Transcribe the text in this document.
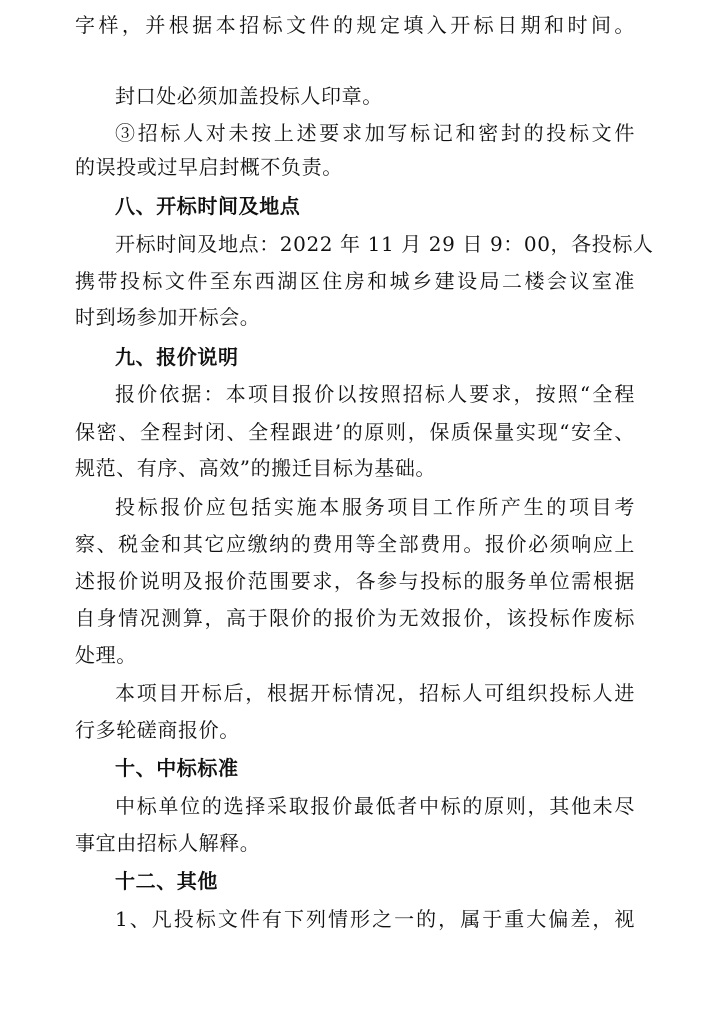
字样，并根据本招标文件的规定填入开标日期和时间。
封口处必须加盖投标人印章。
③招标人对未按上述要求加写标记和密封的投标文件
的误投或过早启封概不负责。
八、开标时间及地点
开标时间及地点：2022 年 11 月 29 日 9：00，各投标人
携带投标文件至东西湖区住房和城乡建设局二楼会议室准
时到场参加开标会。
九、报价说明
报价依据：本项目报价以按照招标人要求，按照“全程
保密、全程封闭、全程跟进’的原则，保质保量实现“安全、
规范、有序、高效”的搬迁目标为基础。
投标报价应包括实施本服务项目工作所产生的项目考
察、税金和其它应缴纳的费用等全部费用。报价必须响应上
述报价说明及报价范围要求，各参与投标的服务单位需根据
自身情况测算，高于限价的报价为无效报价，该投标作废标
处理。
本项目开标后，根据开标情况，招标人可组织投标人进
行多轮磋商报价。
十、中标标准
中标单位的选择采取报价最低者中标的原则，其他未尽
事宜由招标人解释。
十二、其他
1、凡投标文件有下列情形之一的，属于重大偏差，视
